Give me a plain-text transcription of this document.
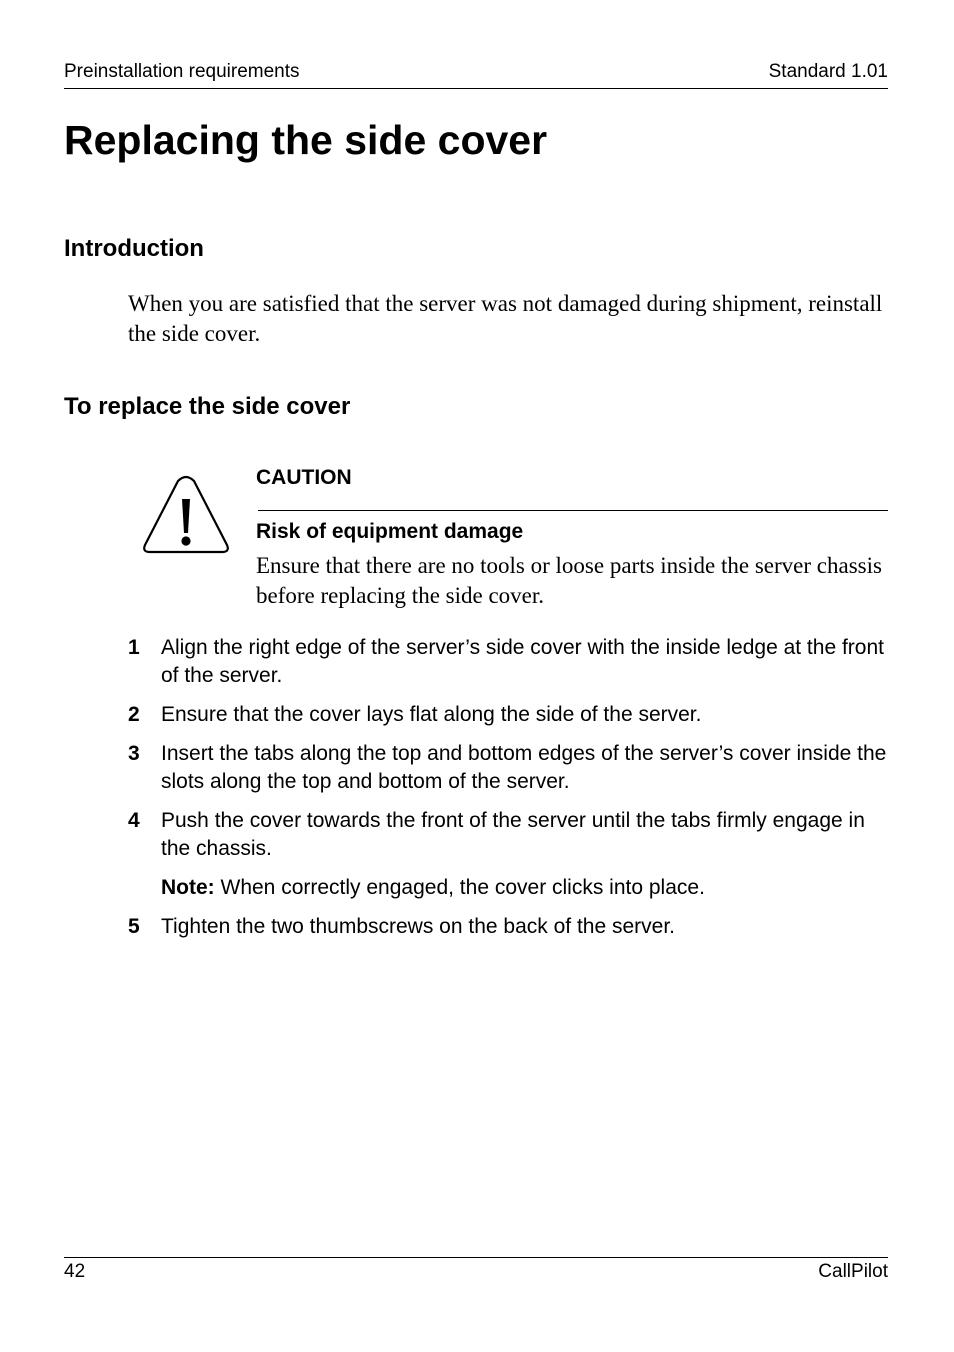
Preinstallation requirements	Standard 1.01
Replacing the side cover
Introduction
When you are satisfied that the server was not damaged during shipment, reinstall the side cover.
To replace the side cover
CAUTION
Risk of equipment damage
Ensure that there are no tools or loose parts inside the server chassis before replacing the side cover.
1 Align the right edge of the server’s side cover with the inside ledge at the front of the server.
2 Ensure that the cover lays flat along the side of the server.
3 Insert the tabs along the top and bottom edges of the server’s cover inside the slots along the top and bottom of the server.
4 Push the cover towards the front of the server until the tabs firmly engage in the chassis.
Note: When correctly engaged, the cover clicks into place.
5 Tighten the two thumbscrews on the back of the server.
42	CallPilot
